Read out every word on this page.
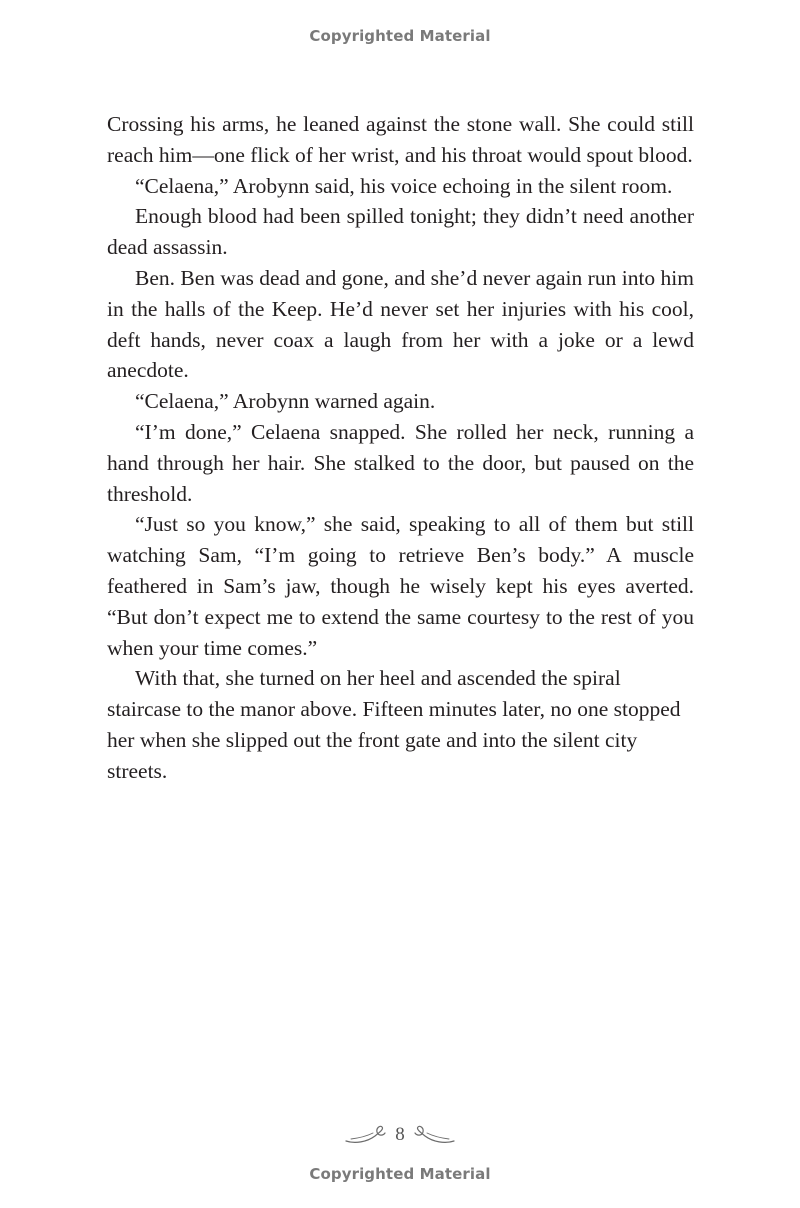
Copyrighted Material

Crossing his arms, he leaned against the stone wall. She could still reach him—one flick of her wrist, and his throat would spout blood.

“Celaena,” Arobynn said, his voice echoing in the silent room.

Enough blood had been spilled tonight; they didn’t need another dead assassin.

Ben. Ben was dead and gone, and she’d never again run into him in the halls of the Keep. He’d never set her injuries with his cool, deft hands, never coax a laugh from her with a joke or a lewd anecdote.

“Celaena,” Arobynn warned again.

“I’m done,” Celaena snapped. She rolled her neck, running a hand through her hair. She stalked to the door, but paused on the threshold.

“Just so you know,” she said, speaking to all of them but still watching Sam, “I’m going to retrieve Ben’s body.” A muscle feathered in Sam’s jaw, though he wisely kept his eyes averted. “But don’t expect me to extend the same courtesy to the rest of you when your time comes.”

With that, she turned on her heel and ascended the spiral staircase to the manor above. Fifteen minutes later, no one stopped her when she slipped out the front gate and into the silent city streets.

8
Copyrighted Material
